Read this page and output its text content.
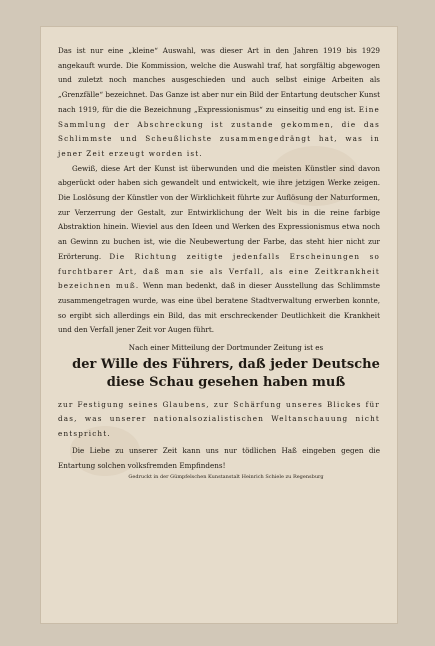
Das ist nur eine „kleine“ Auswahl, was dieser Art in den Jahren 1919 bis 1929 angekauft wurde. Die Kommission, welche die Auswahl traf, hat sorgfältig abgewogen und zuletzt noch manches ausgeschieden und auch selbst einige Arbeiten als „Grenzfälle“ bezeichnet. Das Ganze ist aber nur ein Bild der Entartung deutscher Kunst nach 1919, für die die Bezeichnung „Expressionismus“ zu einseitig und eng ist. Eine Sammlung der Abschreckung ist zustande gekommen, die das Schlimmste und Scheußlichste zusammengedrängt hat, was in jener Zeit erzeugt worden ist.

Gewiß, diese Art der Kunst ist überwunden und die meisten Künstler sind davon abgerückt oder haben sich gewandelt und entwickelt, wie ihre jetzigen Werke zeigen. Die Loslösung der Künstler von der Wirklichkeit führte zur Auflösung der Naturformen, zur Verzerrung der Gestalt, zur Entwirklichung der Welt bis in die reine farbige Abstraktion hinein. Wieviel aus den Ideen und Werken des Expressionismus etwa noch an Gewinn zu buchen ist, wie die Neubewertung der Farbe, das steht hier nicht zur Erörterung. Die Richtung zeitigte jedenfalls Erscheinungen so furchtbarer Art, daß man sie als Verfall, als eine Zeitkrankheit bezeichnen muß. Wenn man bedenkt, daß in dieser Ausstellung das Schlimmste zusammengetragen wurde, was eine übel beratene Stadtverwaltung erwerben konnte, so ergibt sich allerdings ein Bild, das mit erschreckender Deutlichkeit die Krankheit und den Verfall jener Zeit vor Augen führt.

Nach einer Mitteilung der Dortmunder Zeitung ist es

der Wille des Führers, daß jeder Deutsche

diese Schau gesehen haben muß

zur Festigung seines Glaubens, zur Schärfung unseres Blickes für das, was unserer nationalsozialistischen Weltanschauung nicht entspricht.

Die Liebe zu unserer Zeit kann uns nur tödlichen Haß eingeben gegen die Entartung solchen volksfremden Empfindens!

Gedruckt in der Gümpfelschen Kunstanstalt Heinrich Schiele zu Regensburg
